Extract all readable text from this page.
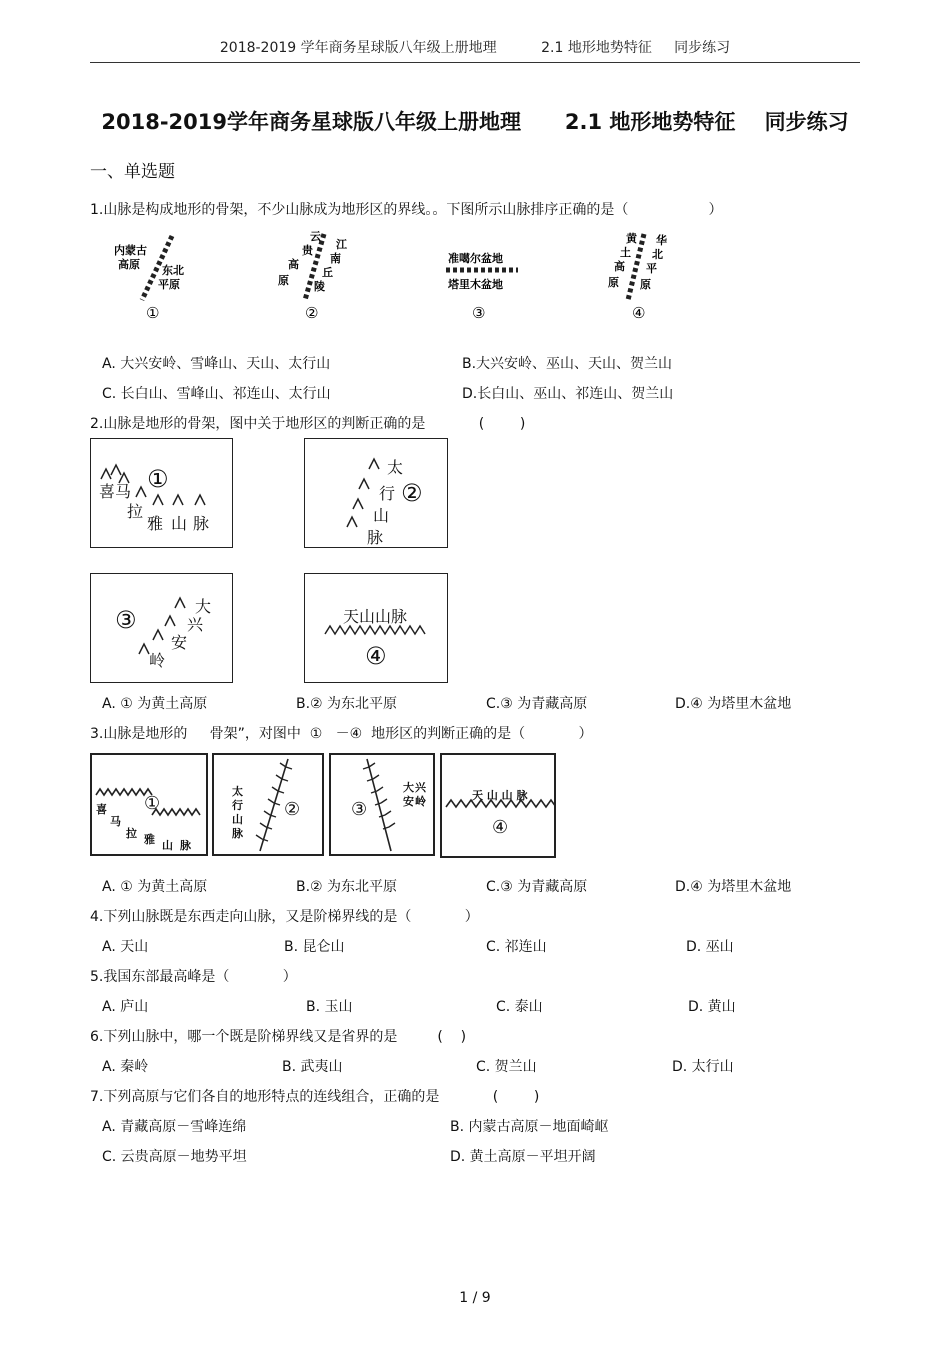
2018-2019 学年商务星球版八年级上册地理          2.1 地形地势特征     同步练习
2018-2019学年商务星球版八年级上册地理      2.1 地形地势特征    同步练习
一、单选题
1.山脉是构成地形的骨架，不少山脉成为地形区的界线。。下图所示山脉排序正确的是（                  ）
内蒙古
高原 东北
平原
①
云
贵
高
原
江
南
丘
陵
②
准噶尔盆地
塔里木盆地
③
黄
土
高
原
华
北
平
原
④
A. 大兴安岭、雪峰山、天山、太行山	B.大兴安岭、巫山、天山、贺兰山
C. 长白山、雪峰山、祁连山、太行山	D.长白山、巫山、祁连山、贺兰山
2.山脉是地形的骨架，图中关于地形区的判断正确的是            (        )
喜 马
拉
雅 山 脉
①	太
行
山
脉
②
大
兴
安
岭
③	天山山脉
④
A. ① 为黄土高原	B.② 为东北平原	C.③ 为青藏高原	D.④ 为塔里木盆地
3.山脉是地形的     骨架”，对图中  ①   －④  地形区的判断正确的是（            ）
喜
马
拉 雅 山 脉
①
太
行
山
脉
②
大 兴
安 岭
③
天 山 山 脉
④
A. ① 为黄土高原	B.② 为东北平原	C.③ 为青藏高原	D.④ 为塔里木盆地
4.下列山脉既是东西走向山脉，又是阶梯界线的是（            ）
A. 天山	B. 昆仑山	C. 祁连山	D. 巫山
5.我国东部最高峰是（            ）
A. 庐山	B. 玉山	C. 泰山	D. 黄山
6.下列山脉中，哪一个既是阶梯界线又是省界的是         (    )
A. 秦岭	B. 武夷山	C. 贺兰山	D. 太行山
7.下列高原与它们各自的地形特点的连线组合，正确的是            (        )
A. 青藏高原－雪峰连绵	B. 内蒙古高原－地面崎岖
C. 云贵高原－地势平坦	D. 黄土高原－平坦开阔
1 / 9
